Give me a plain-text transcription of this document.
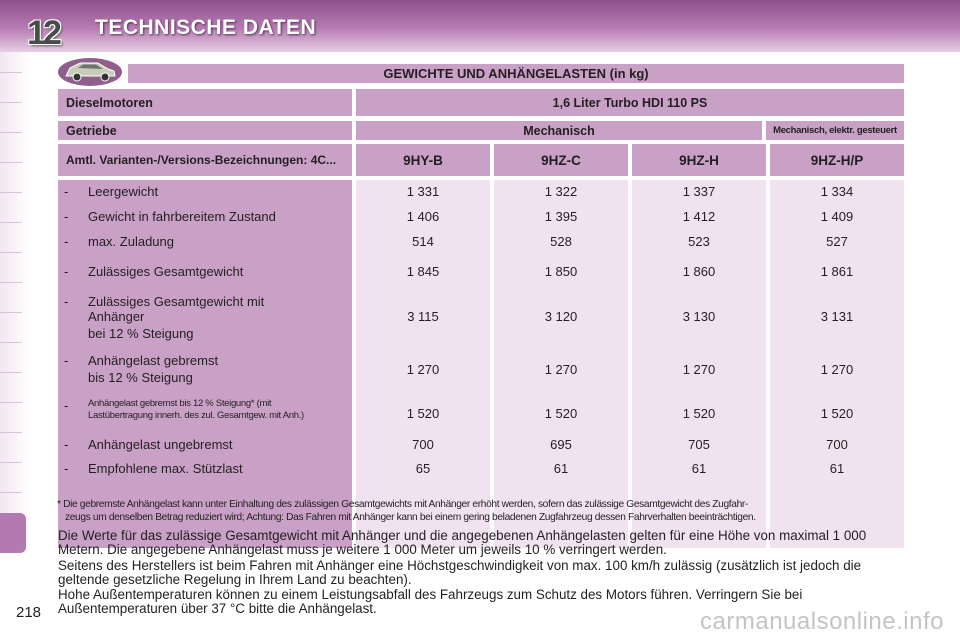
12 TECHNISCHE DATEN
218
GEWICHTE UND ANHÄNGELASTEN (in kg)
Dieselmotoren	1,6 Liter Turbo HDI 110 PS
Getriebe	Mechanisch	Mechanisch, elektr. gesteuert
Amtl. Varianten-/Versions-Bezeichnungen: 4C...	9HY-B	9HZ-C	9HZ-H	9HZ-H/P
- Leergewicht	1 331	1 322	1 337	1 334
- Gewicht in fahrbereitem Zustand	1 406	1 395	1 412	1 409
- max. Zuladung	514	528	523	527
- Zulässiges Gesamtgewicht	1 845	1 850	1 860	1 861
- Zulässiges Gesamtgewicht mit
Anhänger
bei 12 % Steigung
3 115	3 120	3 130	3 131
- Anhängelast gebremst
bis 12 % Steigung
1 270	1 270	1 270	1 270
-	Anhängelast gebremst bis 12 % Steigung* (mit
Lastübertragung innerh. des zul. Gesamtgew. mit Anh.)	1 520	1 520	1 520	1 520
- Anhängelast ungebremst	700	695	705	700
- Empfohlene max. Stützlast	65	61	61	61
* Die gebremste Anhängelast kann unter Einhaltung des zulässigen Gesamtgewichts mit Anhänger erhöht werden, sofern das zulässige Gesamtgewicht des Zugfahr-
zeugs um denselben Betrag reduziert wird; Achtung: Das Fahren mit Anhänger kann bei einem gering beladenen Zugfahrzeug dessen Fahrverhalten beeinträchtigen.
Die Werte für das zulässige Gesamtgewicht mit Anhänger und die angegebenen Anhängelasten gelten für eine Höhe von maximal 1 000 Metern. Die angegebene Anhängelast muss je weitere 1 000 Meter um jeweils 10 % verringert werden.
Seitens des Herstellers ist beim Fahren mit Anhänger eine Höchstgeschwindigkeit von max. 100 km/h zulässig (zusätzlich ist jedoch die geltende gesetzliche Regelung in Ihrem Land zu beachten).
Hohe Außentemperaturen können zu einem Leistungsabfall des Fahrzeugs zum Schutz des Motors führen. Verringern Sie bei Außentemperaturen über 37 °C bitte die Anhängelast.	carmanualsonline.info
